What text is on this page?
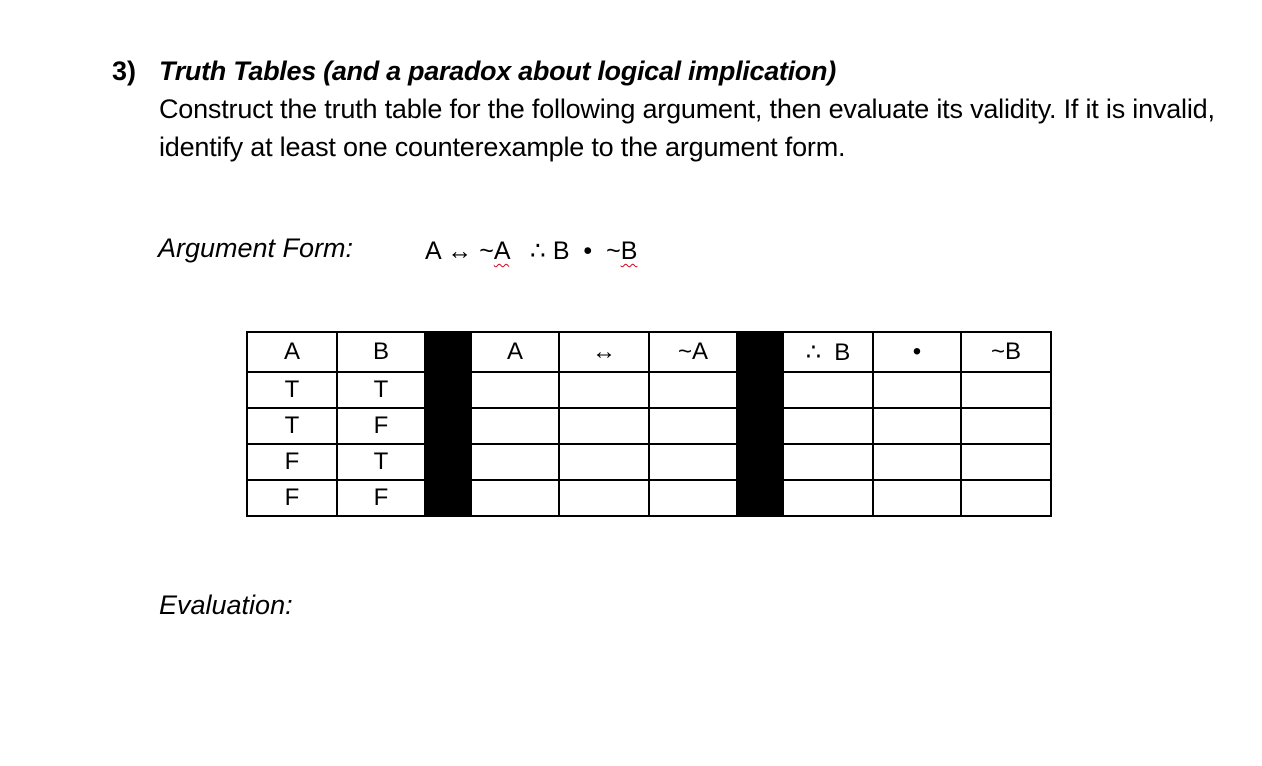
3) Truth Tables (and a paradox about logical implication)
Construct the truth table for the following argument, then evaluate its validity. If it is invalid, identify at least one counterexample to the argument form.
Argument Form:	A ↔ ~A ∴ B • ~B
A	B		A	↔	~A		∴  B	•	~B
T	T								
T	F								
F	T								
F	F								
Evaluation:
